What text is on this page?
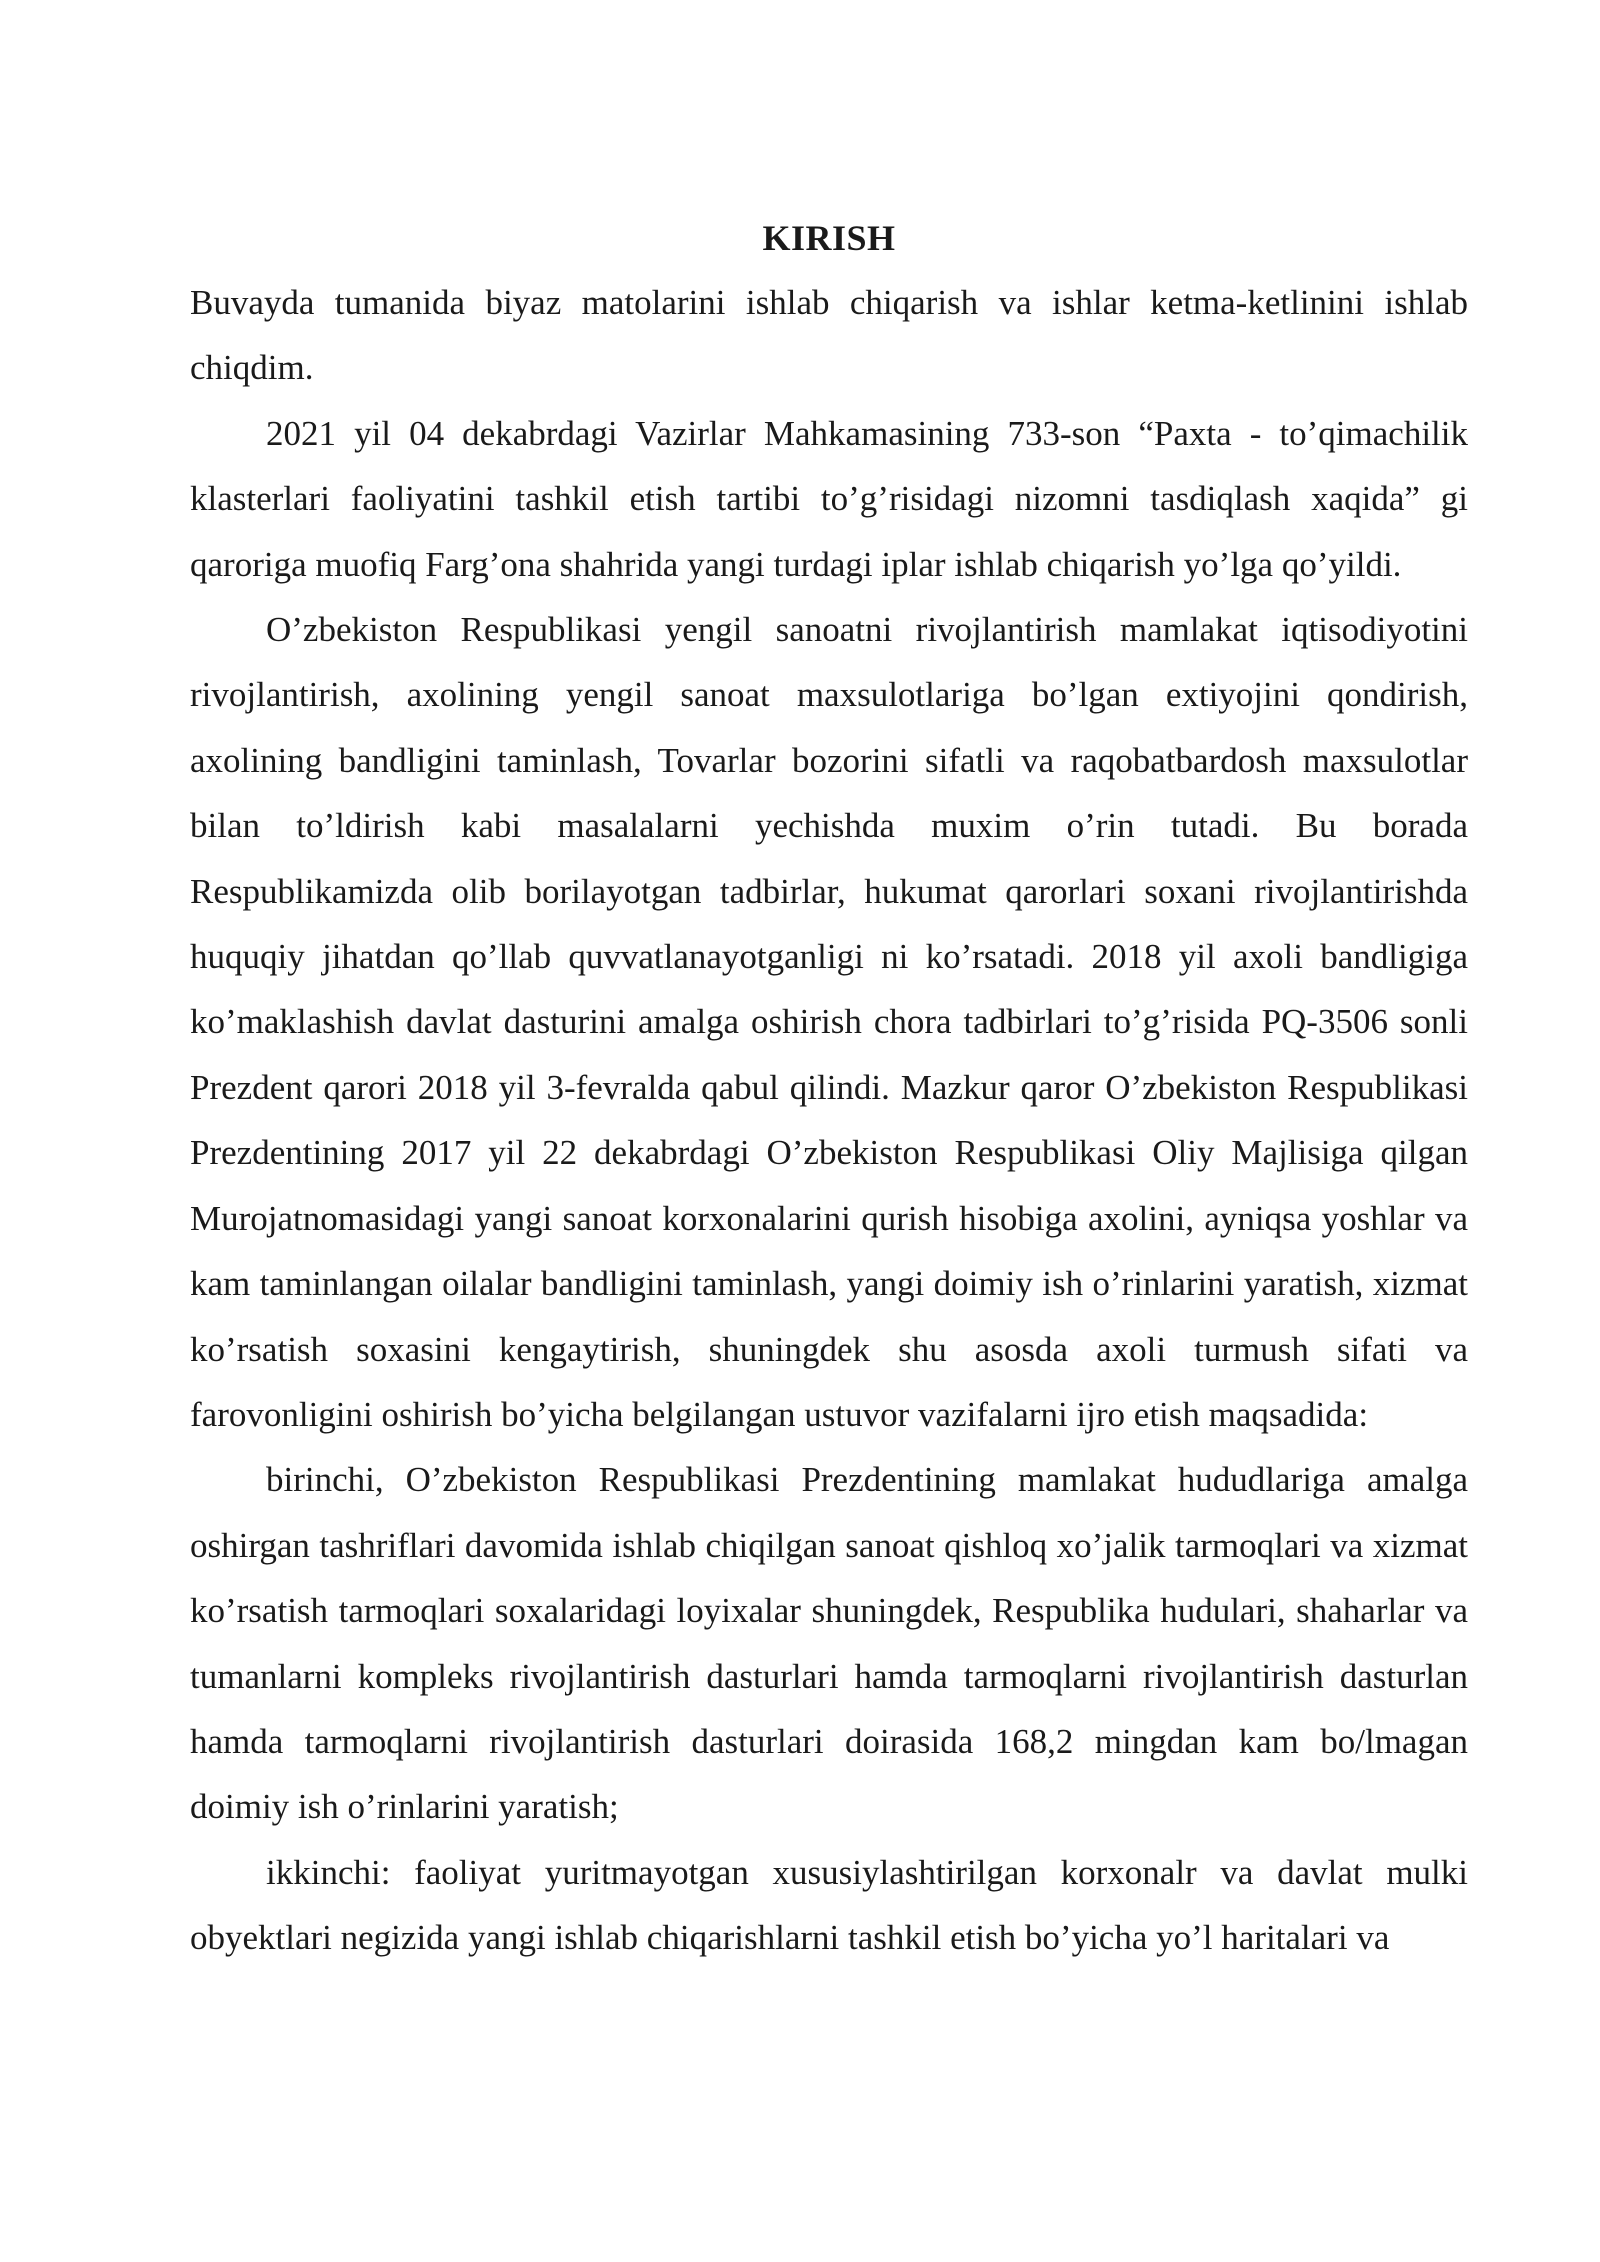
KIRISH

Buvayda tumanida biyaz matolarini ishlab chiqarish va ishlar ketma-ketlinini ishlab chiqdim.

2021 yil 04 dekabrdagi Vazirlar Mahkamasining 733-son “Paxta - to’qimachilik klasterlari faoliyatini tashkil etish tartibi to’g’risidagi nizomni tasdiqlash xaqida” gi qaroriga muofiq Farg’ona shahrida yangi turdagi iplar ishlab chiqarish yo’lga qo’yildi.

O’zbekiston Respublikasi yengil sanoatni rivojlantirish mamlakat iqtisodiyotini rivojlantirish, axolining yengil sanoat maxsulotlariga bo’lgan extiyojini qondirish, axolining bandligini taminlash, Tovarlar bozorini sifatli va raqobatbardosh maxsulotlar bilan to’ldirish kabi masalalarni yechishda muxim o’rin tutadi. Bu borada Respublikamizda olib borilayotgan tadbirlar, hukumat qarorlari soxani rivojlantirishda huquqiy jihatdan qo’llab quvvatlanayotganligi ni ko’rsatadi. 2018 yil axoli bandligiga ko’maklashish davlat dasturini amalga oshirish chora tadbirlari to’g’risida PQ-3506 sonli Prezdent qarori 2018 yil 3-fevralda qabul qilindi. Mazkur qaror O’zbekiston Respublikasi Prezdentining 2017 yil 22 dekabrdagi O’zbekiston Respublikasi Oliy Majlisiga qilgan Murojatnomasidagi yangi sanoat korxonalarini qurish hisobiga axolini, ayniqsa yoshlar va kam taminlangan oilalar bandligini taminlash, yangi doimiy ish o’rinlarini yaratish, xizmat ko’rsatish soxasini kengaytirish, shuningdek shu asosda axoli turmush sifati va farovonligini oshirish bo’yicha belgilangan ustuvor vazifalarni ijro etish maqsadida:

birinchi, O’zbekiston Respublikasi Prezdentining mamlakat hududlariga amalga oshirgan tashriflari davomida ishlab chiqilgan sanoat qishloq xo’jalik tarmoqlari va xizmat ko’rsatish tarmoqlari soxalaridagi loyixalar shuningdek, Respublika hudulari, shaharlar va tumanlarni kompleks rivojlantirish dasturlari hamda tarmoqlarni rivojlantirish dasturlan hamda tarmoqlarni rivojlantirish dasturlari doirasida 168,2 mingdan kam bo/lmagan doimiy ish o’rinlarini yaratish;

ikkinchi: faoliyat yuritmayotgan xususiylashtirilgan korxonalr va davlat mulki obyektlari negizida yangi ishlab chiqarishlarni tashkil etish bo’yicha yo’l haritalari va
